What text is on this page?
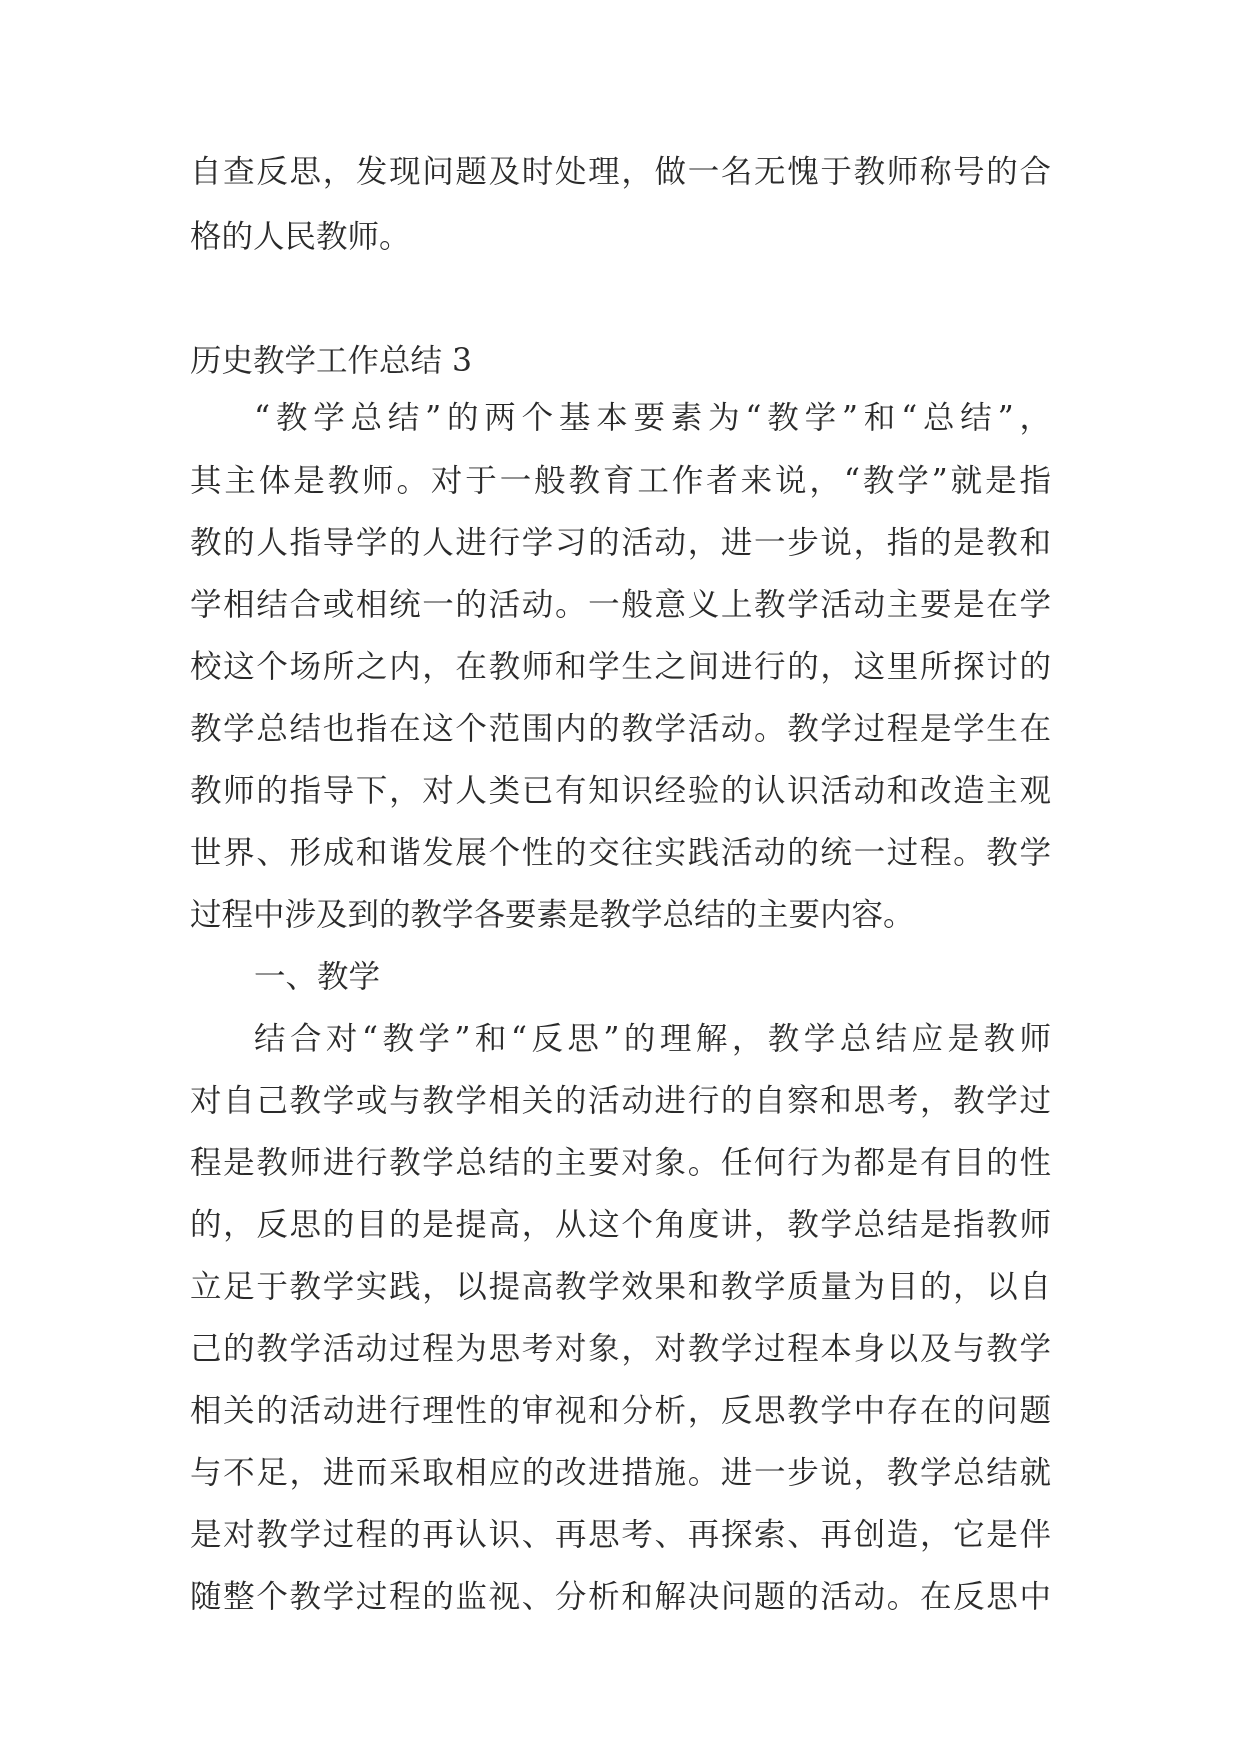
自查反思，发现问题及时处理，做一名无愧于教师称号的合
格的人民教师。
历史教学工作总结 3
“教学总结”的两个基本要素为“教学”和“总结”，
其主体是教师。对于一般教育工作者来说，“教学”就是指
教的人指导学的人进行学习的活动，进一步说，指的是教和
学相结合或相统一的活动。一般意义上教学活动主要是在学
校这个场所之内，在教师和学生之间进行的，这里所探讨的
教学总结也指在这个范围内的教学活动。教学过程是学生在
教师的指导下，对人类已有知识经验的认识活动和改造主观
世界、形成和谐发展个性的交往实践活动的统一过程。教学
过程中涉及到的教学各要素是教学总结的主要内容。
一、教学
结合对“教学”和“反思”的理解，教学总结应是教师
对自己教学或与教学相关的活动进行的自察和思考，教学过
程是教师进行教学总结的主要对象。任何行为都是有目的性
的，反思的目的是提高，从这个角度讲，教学总结是指教师
立足于教学实践，以提高教学效果和教学质量为目的，以自
己的教学活动过程为思考对象，对教学过程本身以及与教学
相关的活动进行理性的审视和分析，反思教学中存在的问题
与不足，进而采取相应的改进措施。进一步说，教学总结就
是对教学过程的再认识、再思考、再探索、再创造，它是伴
随整个教学过程的监视、分析和解决问题的活动。在反思中
